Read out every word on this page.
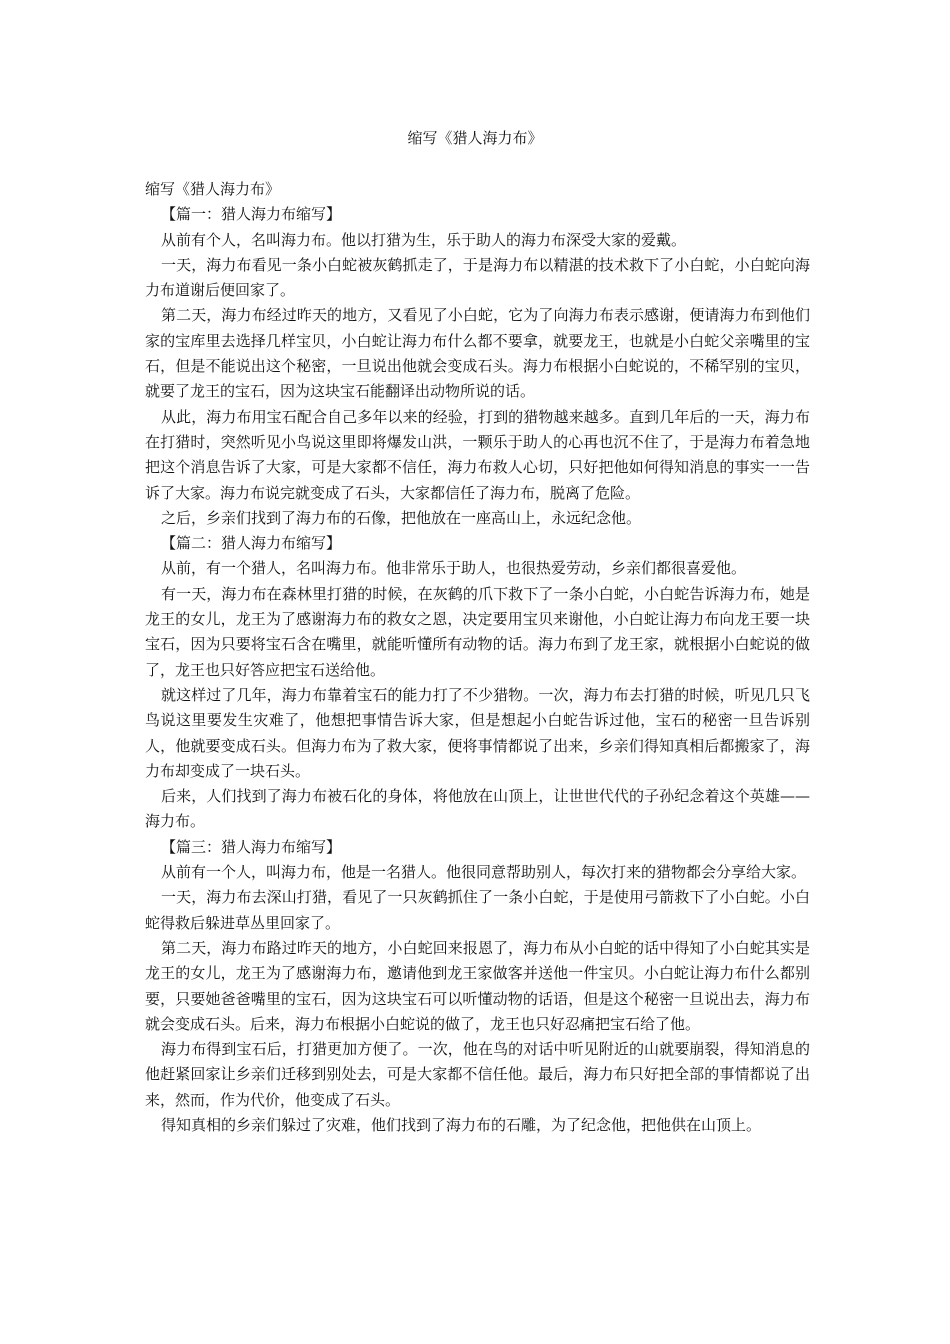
缩写《猎人海力布》

缩写《猎人海力布》

【篇一：猎人海力布缩写】

从前有个人，名叫海力布。他以打猎为生，乐于助人的海力布深受大家的爱戴。

一天，海力布看见一条小白蛇被灰鹤抓走了，于是海力布以精湛的技术救下了小白蛇，小白蛇向海力布道谢后便回家了。

第二天，海力布经过昨天的地方，又看见了小白蛇，它为了向海力布表示感谢，便请海力布到他们家的宝库里去选择几样宝贝，小白蛇让海力布什么都不要拿，就要龙王，也就是小白蛇父亲嘴里的宝石，但是不能说出这个秘密，一旦说出他就会变成石头。海力布根据小白蛇说的，不稀罕别的宝贝，就要了龙王的宝石，因为这块宝石能翻译出动物所说的话。

从此，海力布用宝石配合自己多年以来的经验，打到的猎物越来越多。直到几年后的一天，海力布在打猎时，突然听见小鸟说这里即将爆发山洪，一颗乐于助人的心再也沉不住了，于是海力布着急地把这个消息告诉了大家，可是大家都不信任，海力布救人心切，只好把他如何得知消息的事实一一告诉了大家。海力布说完就变成了石头，大家都信任了海力布，脱离了危险。

之后，乡亲们找到了海力布的石像，把他放在一座高山上，永远纪念他。

【篇二：猎人海力布缩写】

从前，有一个猎人，名叫海力布。他非常乐于助人，也很热爱劳动，乡亲们都很喜爱他。

有一天，海力布在森林里打猎的时候，在灰鹤的爪下救下了一条小白蛇，小白蛇告诉海力布，她是龙王的女儿，龙王为了感谢海力布的救女之恩，决定要用宝贝来谢他，小白蛇让海力布向龙王要一块宝石，因为只要将宝石含在嘴里，就能听懂所有动物的话。海力布到了龙王家，就根据小白蛇说的做了，龙王也只好答应把宝石送给他。

就这样过了几年，海力布靠着宝石的能力打了不少猎物。一次，海力布去打猎的时候，听见几只飞鸟说这里要发生灾难了，他想把事情告诉大家，但是想起小白蛇告诉过他，宝石的秘密一旦告诉别人，他就要变成石头。但海力布为了救大家，便将事情都说了出来，乡亲们得知真相后都搬家了，海力布却变成了一块石头。

后来，人们找到了海力布被石化的身体，将他放在山顶上，让世世代代的子孙纪念着这个英雄——海力布。

【篇三：猎人海力布缩写】

从前有一个人，叫海力布，他是一名猎人。他很同意帮助别人，每次打来的猎物都会分享给大家。

一天，海力布去深山打猎，看见了一只灰鹤抓住了一条小白蛇，于是使用弓箭救下了小白蛇。小白蛇得救后躲进草丛里回家了。

第二天，海力布路过昨天的地方，小白蛇回来报恩了，海力布从小白蛇的话中得知了小白蛇其实是龙王的女儿，龙王为了感谢海力布，邀请他到龙王家做客并送他一件宝贝。小白蛇让海力布什么都别要，只要她爸爸嘴里的宝石，因为这块宝石可以听懂动物的话语，但是这个秘密一旦说出去，海力布就会变成石头。后来，海力布根据小白蛇说的做了，龙王也只好忍痛把宝石给了他。

海力布得到宝石后，打猎更加方便了。一次，他在鸟的对话中听见附近的山就要崩裂，得知消息的他赶紧回家让乡亲们迁移到别处去，可是大家都不信任他。最后，海力布只好把全部的事情都说了出来，然而，作为代价，他变成了石头。

得知真相的乡亲们躲过了灾难，他们找到了海力布的石雕，为了纪念他，把他供在山顶上。
